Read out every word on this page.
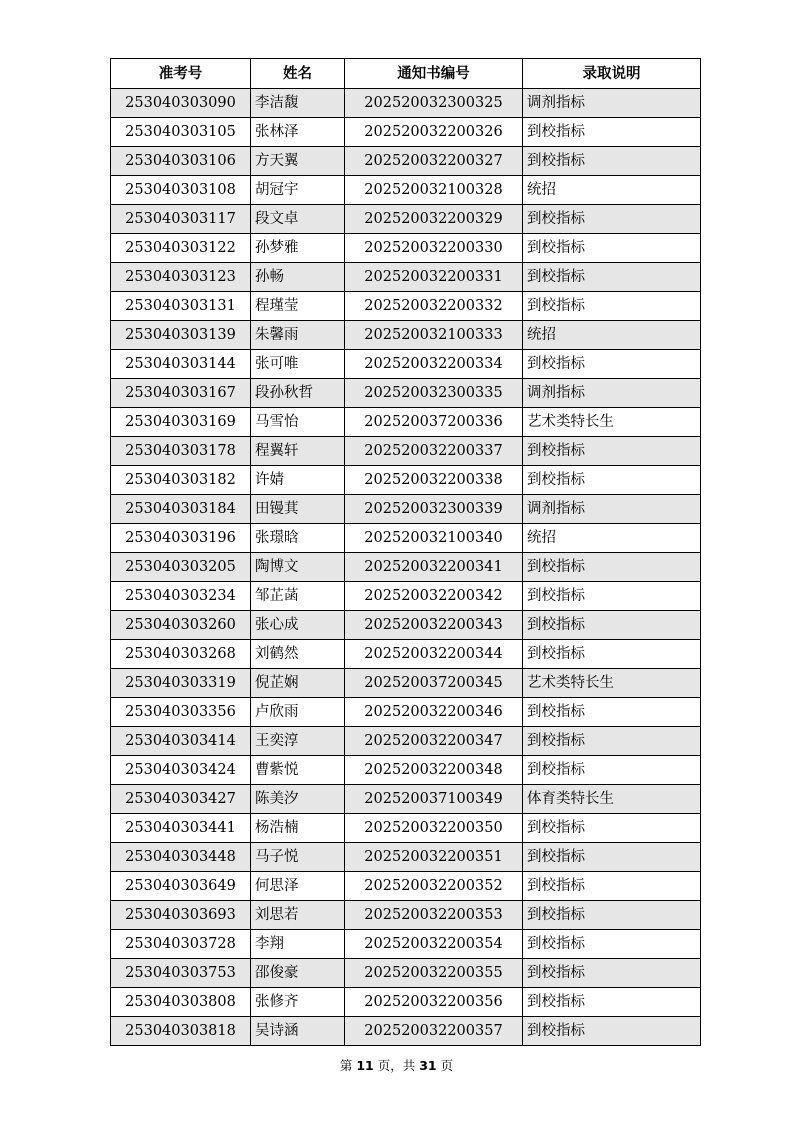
准考号	姓名	通知书编号	录取说明
253040303090	李洁馥	202520032300325	调剂指标
253040303105	张林泽	202520032200326	到校指标
253040303106	方天翼	202520032200327	到校指标
253040303108	胡冠宇	202520032100328	统招
253040303117	段文卓	202520032200329	到校指标
253040303122	孙梦雅	202520032200330	到校指标
253040303123	孙畅	202520032200331	到校指标
253040303131	程瑾莹	202520032200332	到校指标
253040303139	朱馨雨	202520032100333	统招
253040303144	张可唯	202520032200334	到校指标
253040303167	段孙秋哲	202520032300335	调剂指标
253040303169	马雪怡	202520037200336	艺术类特长生
253040303178	程翼轩	202520032200337	到校指标
253040303182	许婧	202520032200338	到校指标
253040303184	田镘萁	202520032300339	调剂指标
253040303196	张璟晗	202520032100340	统招
253040303205	陶博文	202520032200341	到校指标
253040303234	邹芷菡	202520032200342	到校指标
253040303260	张心成	202520032200343	到校指标
253040303268	刘鹤然	202520032200344	到校指标
253040303319	倪芷娴	202520037200345	艺术类特长生
253040303356	卢欣雨	202520032200346	到校指标
253040303414	王奕淳	202520032200347	到校指标
253040303424	曹紫悦	202520032200348	到校指标
253040303427	陈美汐	202520037100349	体育类特长生
253040303441	杨浩楠	202520032200350	到校指标
253040303448	马子悦	202520032200351	到校指标
253040303649	何思泽	202520032200352	到校指标
253040303693	刘思若	202520032200353	到校指标
253040303728	李翔	202520032200354	到校指标
253040303753	邵俊豪	202520032200355	到校指标
253040303808	张修齐	202520032200356	到校指标
253040303818	吴诗涵	202520032200357	到校指标
第 11 页，共 31 页
